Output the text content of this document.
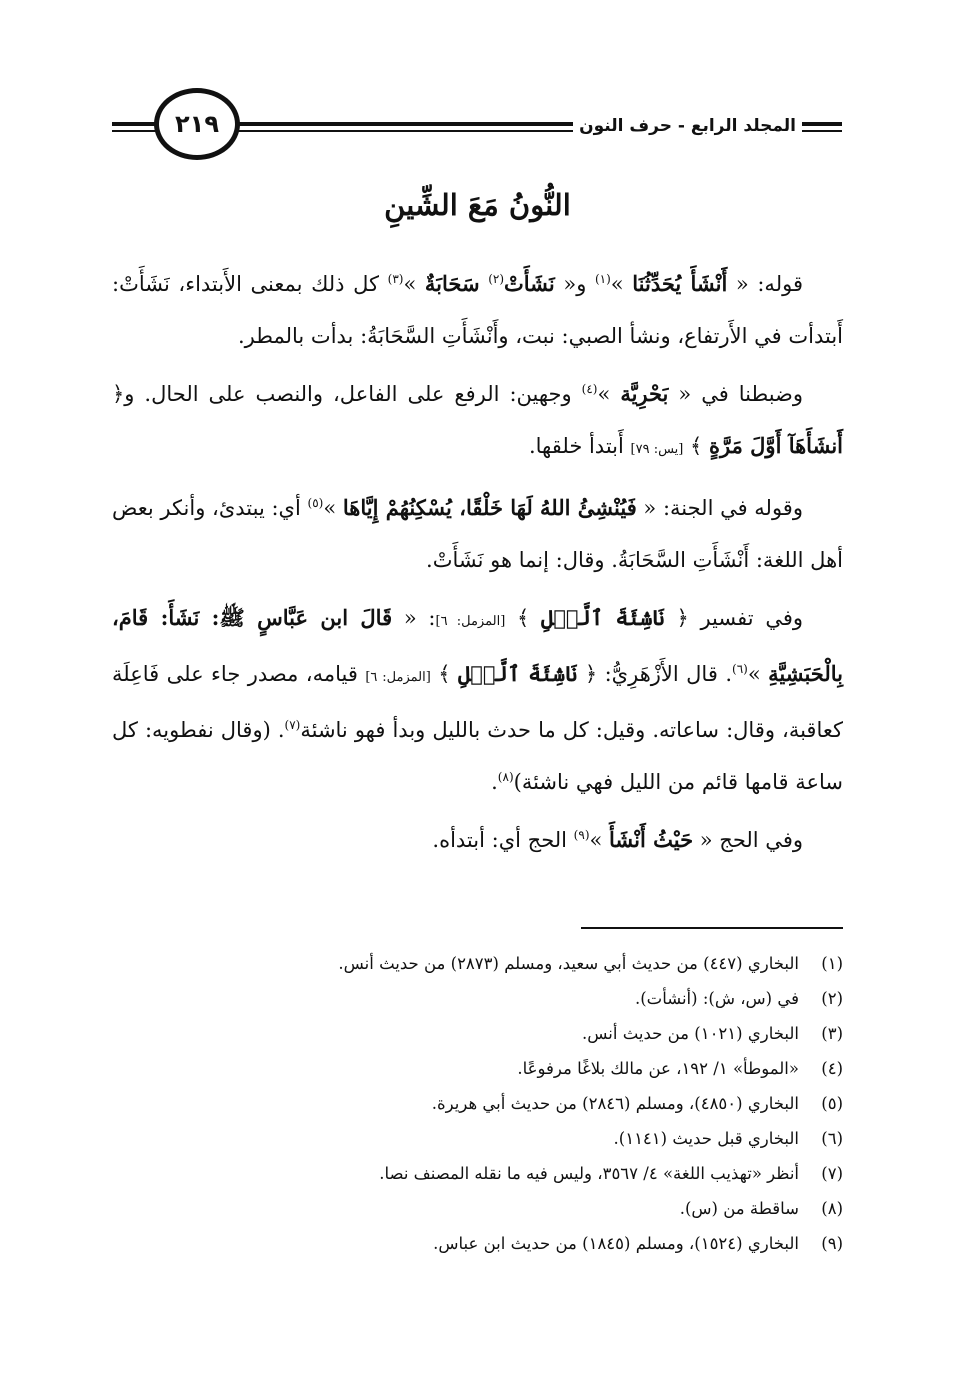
٢١٩	المجلد الرابع - حرف النون
النُّونُ مَعَ الشِّينِ

قوله: « أَنْشَأَ يُحَدِّثُنَا »$^{(١)}$ و« نَشَأَتْ$^{(٢)}$ سَحَابَةٌ »$^{(٣)}$ كل ذلك بمعنى الأَبتداء، نَشَأَتْ: أَبتدأت في الأَرتفاع، ونشأ الصبي: نبت، وأَنْشَأَتِ السَّحَابَةُ: بدأت بالمطر.

وضبطنا في « بَحْرِيَّة »$^{(٤)}$ وجهين: الرفع على الفاعل، والنصب على الحال. و﴿ أَنشَأَهَآ أَوَّلَ مَرَّةٍ ﴾ [يس: ٧٩] أَبتدأ خلقها.

وقوله في الجنة: « فَيُنْشِئُ اللهُ لَهَا خَلْقًا، يُسْكِنُهُمْ إِيَّاهَا »$^{(٥)}$ أي: يبتدئ، وأنكر بعض أهل اللغة: أَنْشَأَتِ السَّحَابَةُ. وقال: إنما هو نَشَأَتْ.

وفي تفسير ﴿ نَاشِئَةَ ٱلَّيۡلِ ﴾ [المزمل: ٦]: « قَالَ ابن عَبَّاسٍ ﷺ: نَشَأَ: قَامَ، بِالْحَبَشِيَّةِ »$^{(٦)}$. قال الأَزْهَرِيُّ: ﴿ نَاشِئَةَ ٱلَّيۡلِ ﴾ [المزمل: ٦] قيامه، مصدر جاء على فَاعِلَة كعاقبة، وقال: ساعاته. وقيل: كل ما حدث بالليل وبدأ فهو ناشئة$^{(٧)}$. (وقال نفطويه: كل ساعة قامها قائم من الليل فهي ناشئة)$^{(٨)}$.

وفي الحج « حَيْثُ أَنْشَأَ »$^{(٩)}$ الحج أي: أبتدأه.

(١)
البخاري (٤٤٧) من حديث أبي سعيد، ومسلم (٢٨٧٣) من حديث أنس.
(٢)
في (س، ش): (أنشأت).
(٣)
البخاري (١٠٢١) من حديث أنس.
(٤)
«الموطأ» ١/ ١٩٢، عن مالك بلاغًا مرفوعًا.
(٥)
البخاري (٤٨٥٠)، ومسلم (٢٨٤٦) من حديث أبي هريرة.
(٦)
البخاري قبل حديث (١١٤١).
(٧)
أنظر «تهذيب اللغة» ٤/ ٣٥٦٧، وليس فيه ما نقله المصنف نصا.
(٨)
ساقطة من (س).
(٩)
البخاري (١٥٢٤)، ومسلم (١٨٤٥) من حديث ابن عباس.
